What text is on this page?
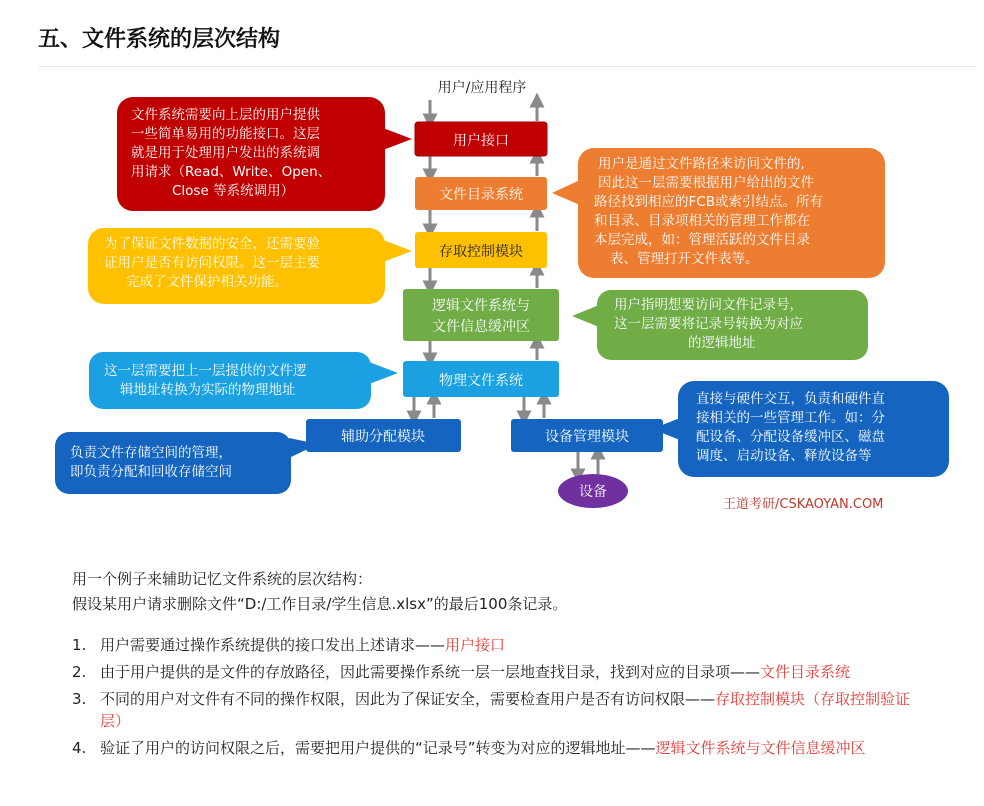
五、文件系统的层次结构
用户/应用程序
用户接口
文件目录系统
存取控制模块
逻辑文件系统与
文件信息缓冲区
物理文件系统
辅助分配模块	设备管理模块
设备
文件系统需要向上层的用户提供 一些简单易用的功能接口。这层 就是用于处理用户发出的系统调 用请求（Read、Write、Open、 Close 等系统调用）
用户是通过文件路径来访问文件的, 因此这一层需要根据用户给出的文件 路径找到相应的FCB或索引结点。所有 和目录、目录项相关的管理工作都在 本层完成，如：管理活跃的文件目录 表、管理打开文件表等。
为了保证文件数据的安全，还需要验 证用户是否有访问权限。这一层主要 完成了文件保护相关功能。
用户指明想要访问文件记录号， 这一层需要将记录号转换为对应 的逻辑地址
这一层需要把上一层提供的文件逻 辑地址转换为实际的物理地址
负责文件存储空间的管理， 即负责分配和回收存储空间
直接与硬件交互，负责和硬件直 接相关的一些管理工作。如：分 配设备、分配设备缓冲区、磁盘 调度、启动设备、释放设备等
王道考研/CSKAOYAN.COM
用一个例子来辅助记忆文件系统的层次结构：
假设某用户请求删除文件“D:/工作目录/学生信息.xlsx”的最后100条记录。
1. 用户需要通过操作系统提供的接口发出上述请求——用户接口
2. 由于用户提供的是文件的存放路径，因此需要操作系统一层一层地查找目录，找到对应的目录项——文件目录系统
3. 不同的用户对文件有不同的操作权限，因此为了保证安全，需要检查用户是否有访问权限——存取控制模块（存取控制验证层）
4. 验证了用户的访问权限之后，需要把用户提供的“记录号”转变为对应的逻辑地址——逻辑文件系统与文件信息缓冲区
